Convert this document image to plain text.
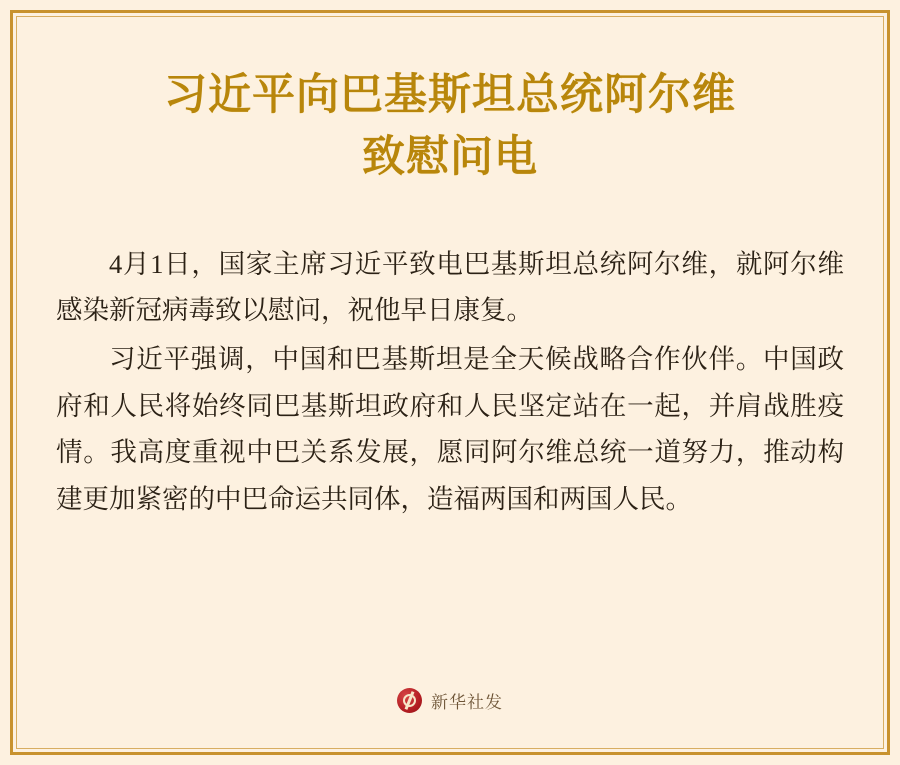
习近平向巴基斯坦总统阿尔维
致慰问电

4月1日，国家主席习近平致电巴基斯坦总统阿尔维，就阿尔维感染新冠病毒致以慰问，祝他早日康复。

习近平强调，中国和巴基斯坦是全天候战略合作伙伴。中国政府和人民将始终同巴基斯坦政府和人民坚定站在一起，并肩战胜疫情。我高度重视中巴关系发展，愿同阿尔维总统一道努力，推动构建更加紧密的中巴命运共同体，造福两国和两国人民。

新华社发
